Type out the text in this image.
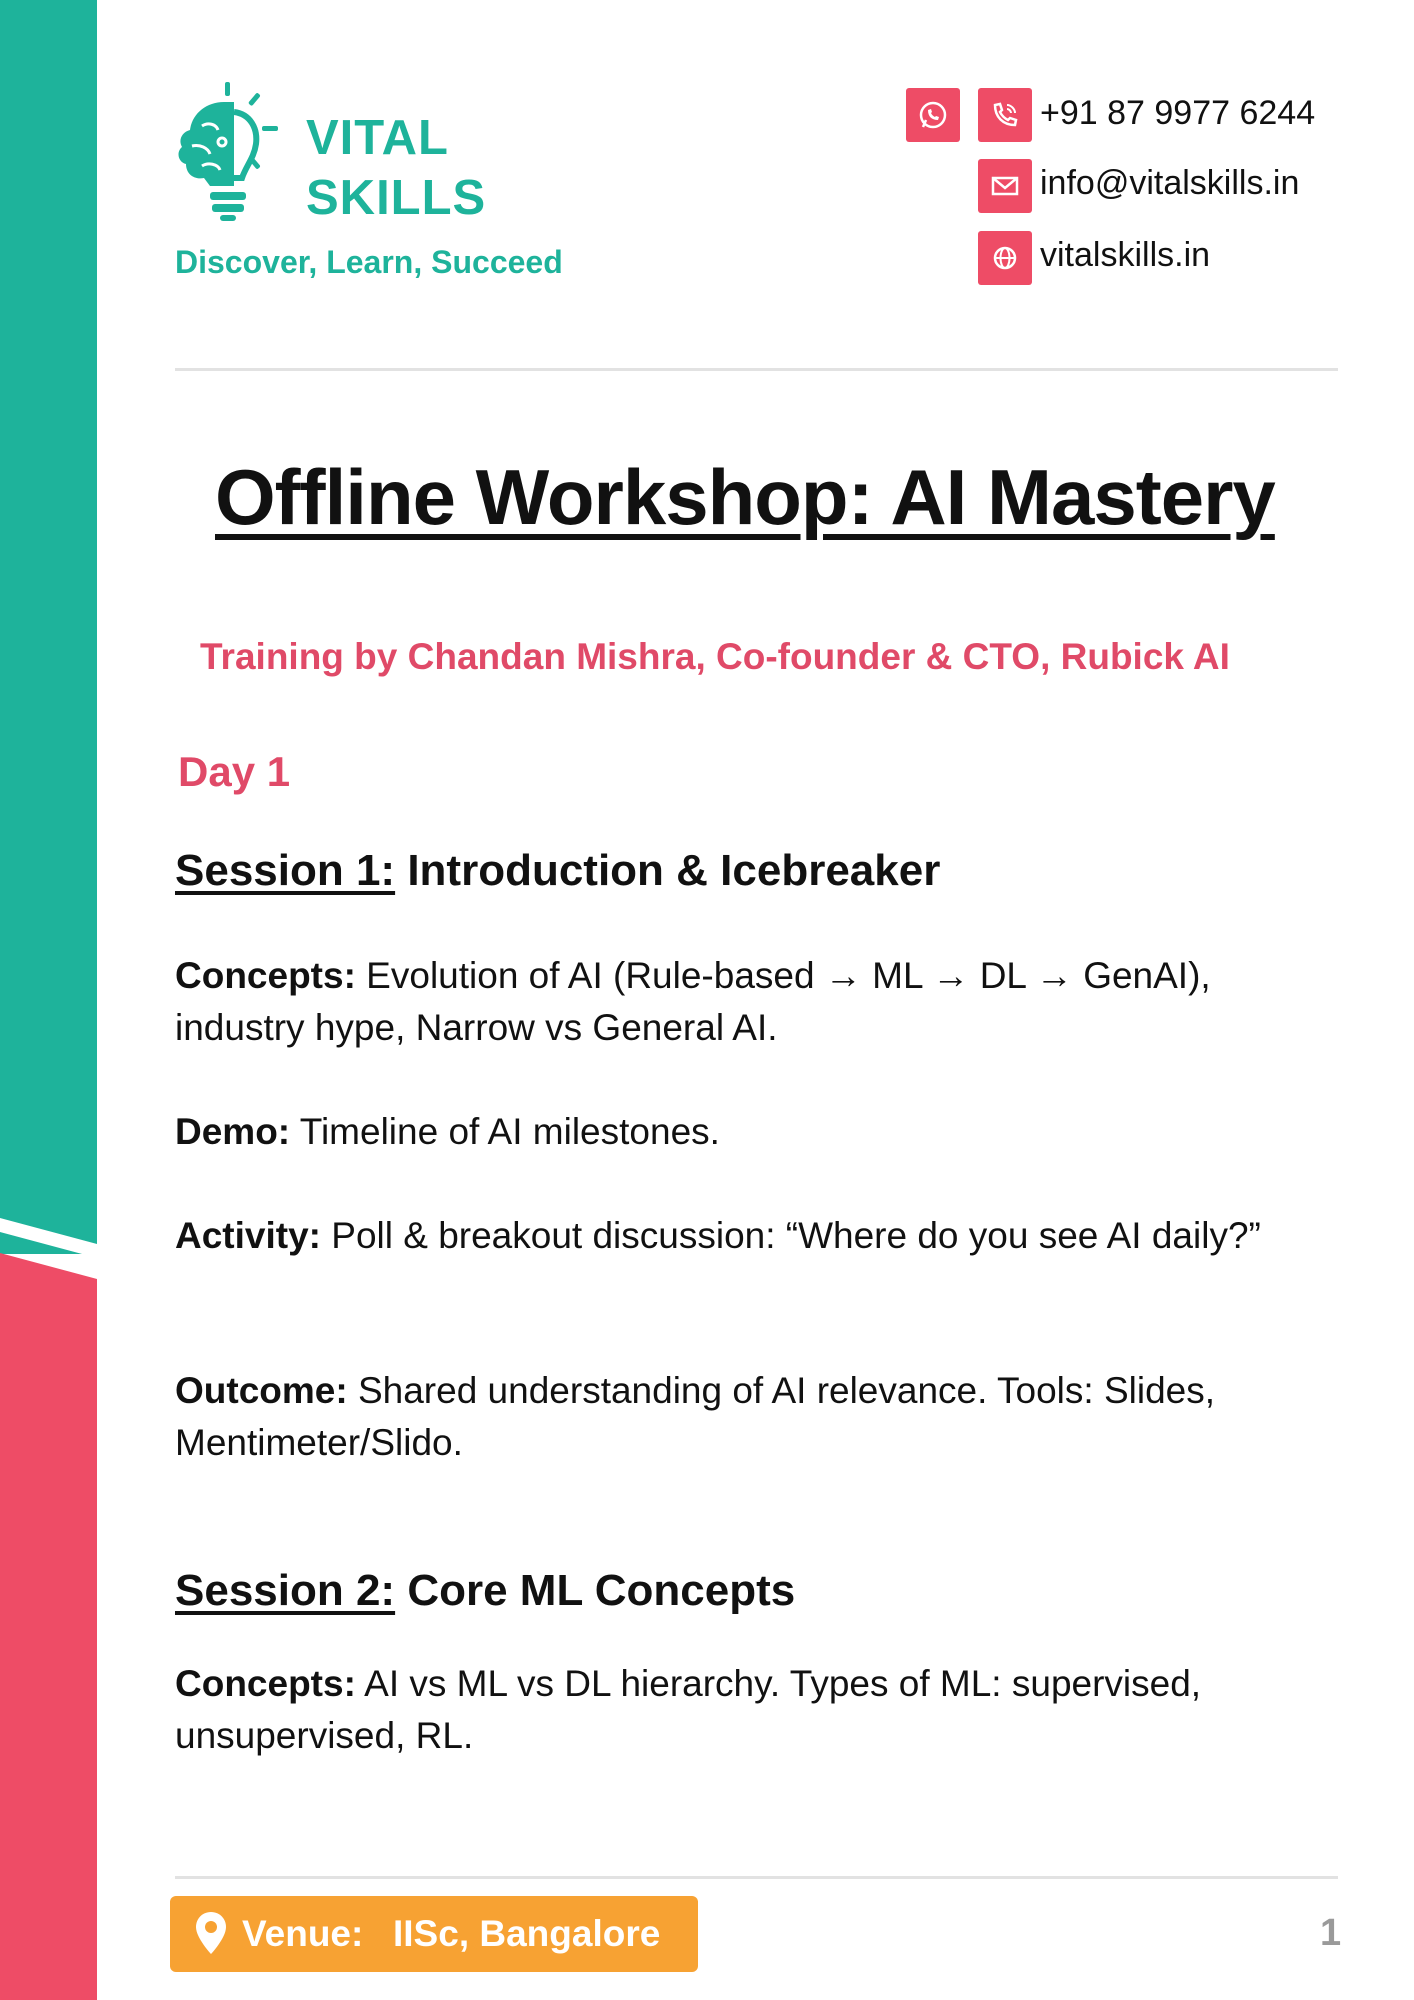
VITAL
SKILLS
Discover, Learn, Succeed
+91 87 9977 6244
info@vitalskills.in
vitalskills.in
Offline Workshop: AI Mastery
Training by Chandan Mishra, Co-founder & CTO, Rubick AI
Day 1
Session 1: Introduction & Icebreaker
Concepts: Evolution of AI (Rule-based → ML → DL → GenAI), industry hype, Narrow vs General AI.
Demo: Timeline of AI milestones.
Activity: Poll & breakout discussion: “Where do you see AI daily?”
Outcome: Shared understanding of AI relevance. Tools: Slides, Mentimeter/Slido.
Session 2: Core ML Concepts
Concepts: AI vs ML vs DL hierarchy. Types of ML: supervised, unsupervised, RL.
Venue: IISc, Bangalore	1
